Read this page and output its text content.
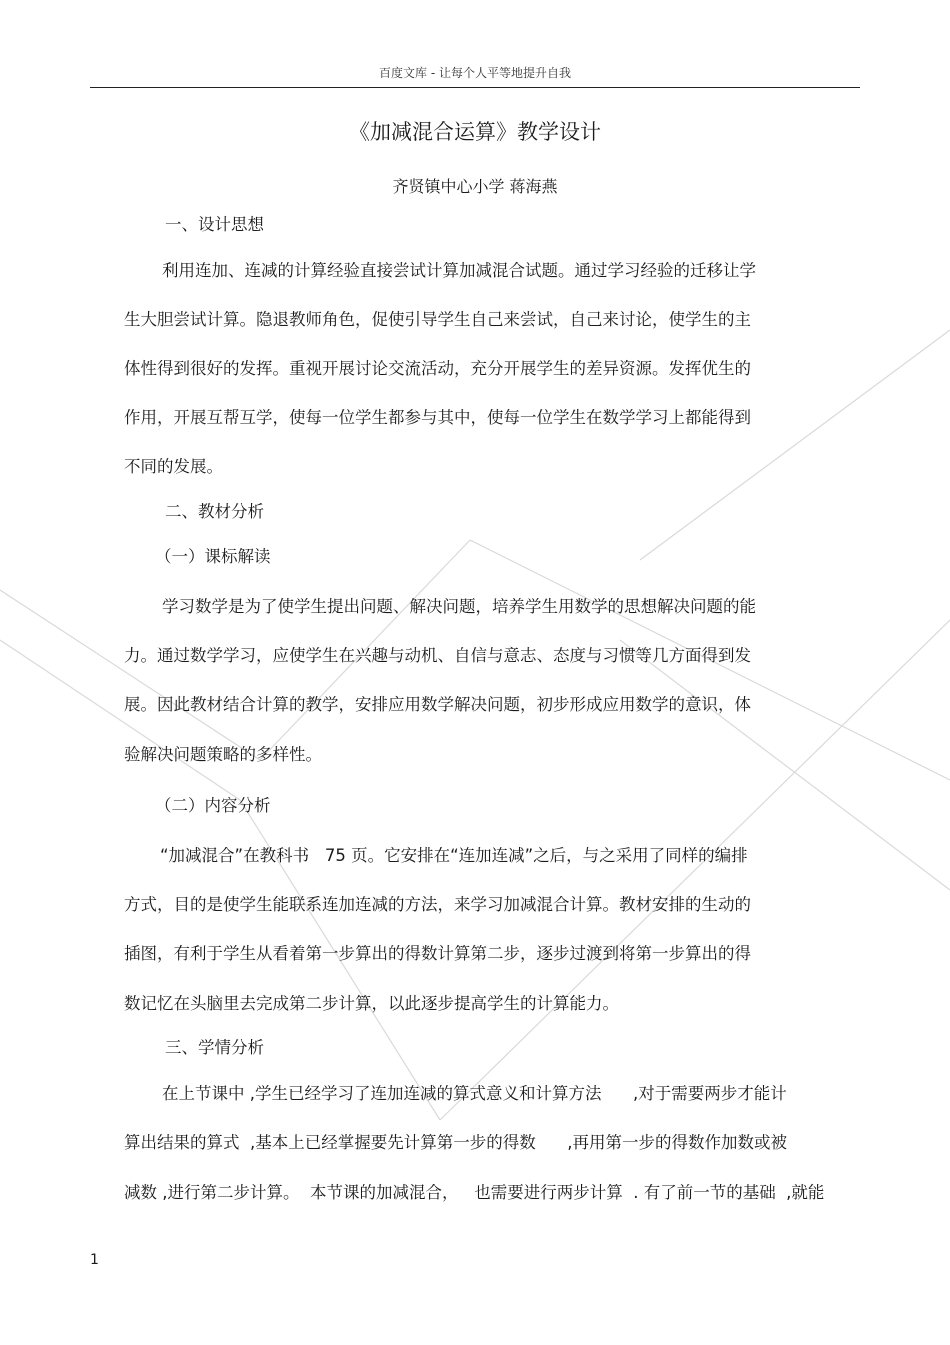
百度文库 - 让每个人平等地提升自我
《加减混合运算》教学设计
齐贤镇中心小学 蒋海燕
一、设计思想
利用连加、连减的计算经验直接尝试计算加减混合试题。通过学习经验的迁移让学
生大胆尝试计算。隐退教师角色，促使引导学生自己来尝试，自己来讨论，使学生的主
体性得到很好的发挥。重视开展讨论交流活动，充分开展学生的差异资源。发挥优生的
作用，开展互帮互学，使每一位学生都参与其中，使每一位学生在数学学习上都能得到
不同的发展。
二、教材分析
（一）课标解读
学习数学是为了使学生提出问题、解决问题，培养学生用数学的思想解决问题的能
力。通过数学学习，应使学生在兴趣与动机、自信与意志、态度与习惯等几方面得到发
展。因此教材结合计算的教学，安排应用数学解决问题，初步形成应用数学的意识，体
验解决问题策略的多样性。
（二）内容分析
“加减混合”在教科书   75 页。它安排在“连加连减”之后，与之采用了同样的编排
方式，目的是使学生能联系连加连减的方法，来学习加减混合计算。教材安排的生动的
插图，有利于学生从看着第一步算出的得数计算第二步，逐步过渡到将第一步算出的得
数记忆在头脑里去完成第二步计算，以此逐步提高学生的计算能力。
三、学情分析
在上节课中 ,学生已经学习了连加连减的算式意义和计算方法      ,对于需要两步才能计
算出结果的算式  ,基本上已经掌握要先计算第一步的得数      ,再用第一步的得数作加数或被
减数 ,进行第二步计算。  本节课的加减混合，   也需要进行两步计算  . 有了前一节的基础  ,就能
1
